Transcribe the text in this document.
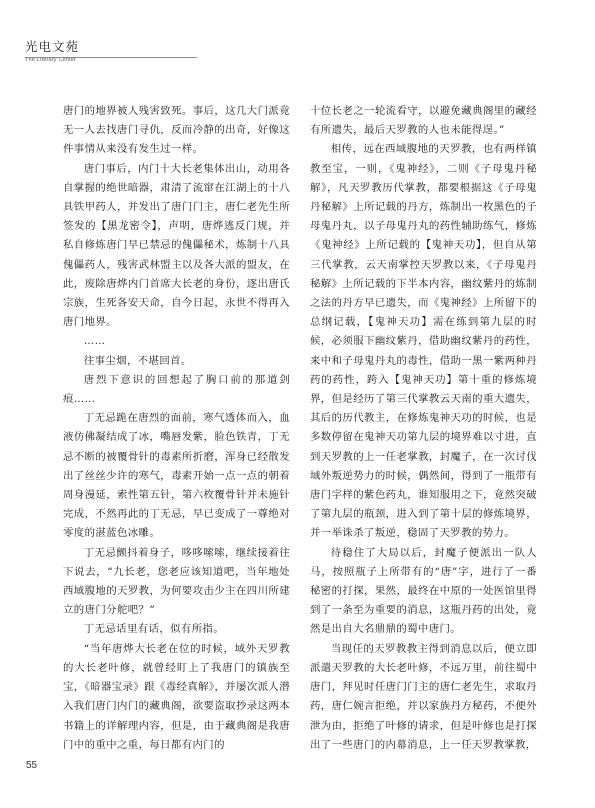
光电文苑
The Literary Center

唐门的地界被人残害致死。事后，这几大门派竟无一人去找唐门寻仇，反而冷静的出奇，好像这件事情从来没有发生过一样。

唐门事后，内门十大长老集体出山，动用各自掌握的绝世暗器，肃清了流窜在江湖上的十八具铁甲药人，并发出了唐门门主，唐仁老先生所签发的【黑龙密令】，声明，唐烨逃反门规，并私自修炼唐门早已禁忌的傀儡秘术，炼制十八具傀儡药人，残害武林盟主以及各大派的盟友，在此，废除唐烨内门首席大长老的身份，逐出唐氏宗族，生死各安天命，自今日起，永世不得再入唐门地界。

……

往事尘烟，不堪回首。

唐烈下意识的回想起了胸口前的那道剑痕……

丁无忌跪在唐烈的面前，寒气透体而入，血液仿佛凝结成了冰，嘴唇发紫，脸色铁青，丁无忌不断的被覆骨针的毒素所折磨，浑身已经散发出了丝丝少许的寒气，毒素开始一点一点的朝着周身漫延，索性第五针，第六枚覆骨针并未施针完成，不然再此的丁无忌，早已变成了一尊绝对零度的湛蓝色冰雕。

丁无忌颤抖着身子，哆哆嗦嗦，继续接着往下说去，“九长老，您老应该知道吧，当年地处西域腹地的天罗教，为何要攻击少主在四川所建立的唐门分舵吧？”

丁无忌话里有话，似有所指。

“当年唐烨大长老在位的时候，域外天罗教的大长老叶修，就曾经盯上了我唐门的镇族至宝，《暗器宝录》跟《毒经真解》，并屡次派人潜入我们唐门内门的藏典阁，欲要盗取抄录这两本书籍上的详解理内容，但是，由于藏典阁是我唐门中的重中之重，每日都有内门的

十位长老之一轮流看守，以避免藏典阁里的藏经有所遗失，最后天罗教的人也未能得逞。”

相传，远在西域腹地的天罗教，也有两样镇教至宝，一则，《鬼神经》，二则《子母鬼丹秘解》，凡天罗教历代掌教，都要根据这《子母鬼丹秘解》上所记载的丹方，炼制出一枚黑色的子母鬼丹丸，以子母鬼丹丸的药性辅助练气，修炼《鬼神经》上所记载的【鬼神天功】，但自从第三代掌教，云天南掌控天罗教以来，《子母鬼丹秘解》上所记载的下半本内容，幽纹紫丹的炼制之法的丹方早已遗失，而《鬼神经》上所留下的总纲记载，【鬼神天功】需在练到第九层的时候，必须服下幽纹紫丹，借助幽纹紫丹的药性，来中和子母鬼丹丸的毒性，借助一黑一紫两种丹药的药性，跨入【鬼神天功】第十重的修炼境界，但是经历了第三代掌教云天南的重大遗失，其后的历代教主，在修炼鬼神天功的时候，也是多数停留在鬼神天功第九层的境界难以寸进，直到天罗教的上一任老掌教，封魔子，在一次讨伐域外叛逆势力的时候，偶然间，得到了一瓶带有唐门字样的紫色药丸，谁知服用之下，竟然突破了第九层的瓶颈，进入到了第十层的修炼境界，并一举诛杀了叛逆，稳固了天罗教的势力。

待稳住了大局以后，封魔子便派出一队人马，按照瓶子上所带有的“唐”字，进行了一番秘密的打探，果然，最终在中原的一处医馆里得到了一条至为重要的消息，这瓶丹药的出处，竟然是出自大名鼎鼎的蜀中唐门。

当现任的天罗教教主得到消息以后，便立即派遣天罗教的大长老叶修，不远万里，前往蜀中唐门，拜见时任唐门门主的唐仁老先生，求取丹药，唐仁婉言拒绝，并以家族丹方秘药，不便外泄为由，拒绝了叶修的请求，但是叶修也是打探出了一些唐门的内幕消息，上一任天罗教掌教，

55
